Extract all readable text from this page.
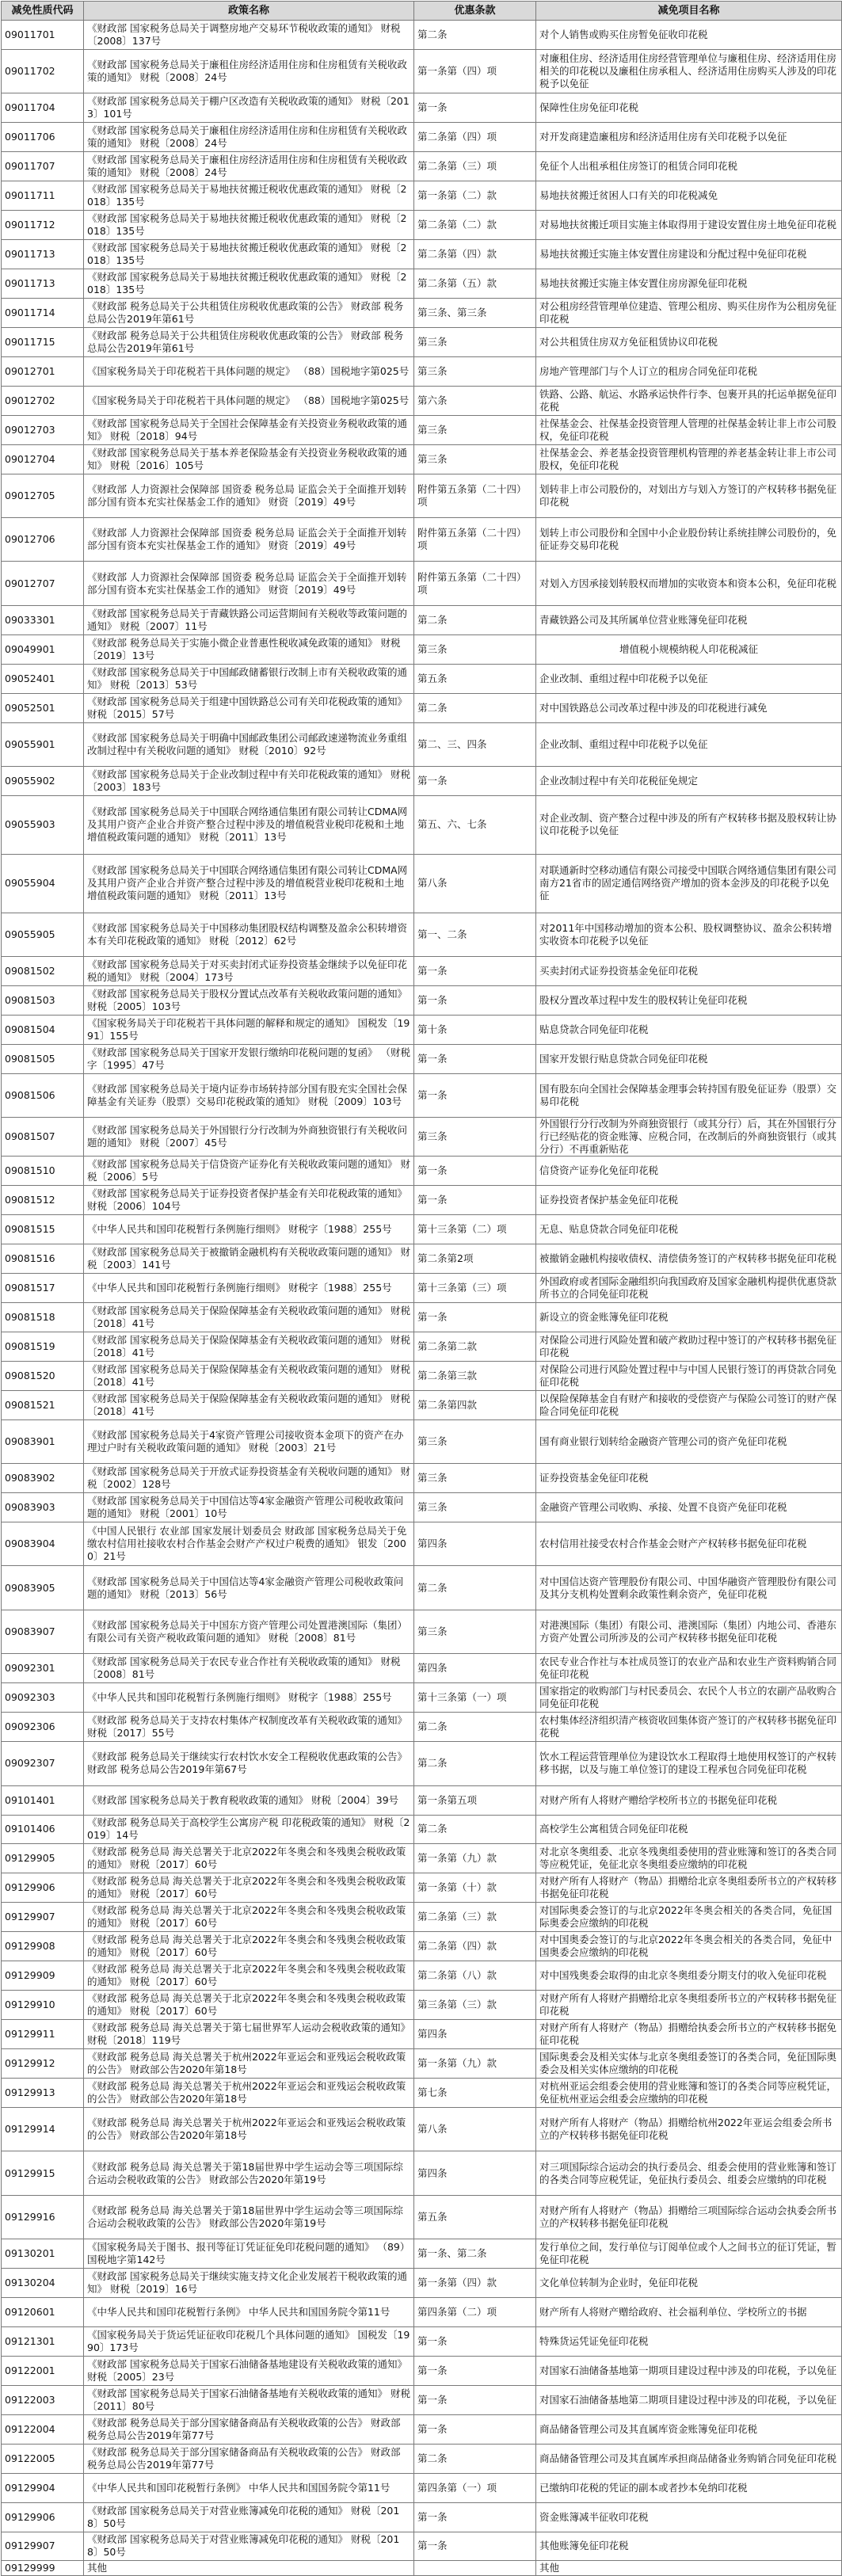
减免性质代码	政策名称	优惠条款	减免项目名称
09011701	《财政部 国家税务总局关于调整房地产交易环节税收政策的通知》 财税〔2008〕137号	第二条	对个人销售或购买住房暂免征收印花税
09011702	《财政部 国家税务总局关于廉租住房经济适用住房和住房租赁有关税收政策的通知》 财税〔2008〕24号	第一条第（四）项	对廉租住房、经济适用住房经营管理单位与廉租住房、经济适用住房相关的印花税以及廉租住房承租人、经济适用住房购买人涉及的印花税予以免征
09011704	《财政部 国家税务总局关于棚户区改造有关税收政策的通知》 财税〔2013〕101号	第一条	保障性住房免征印花税
09011706	《财政部 国家税务总局关于廉租住房经济适用住房和住房租赁有关税收政策的通知》 财税〔2008〕24号	第二条第（四）项	对开发商建造廉租房和经济适用住房有关印花税予以免征
09011707	《财政部 国家税务总局关于廉租住房经济适用住房和住房租赁有关税收政策的通知》 财税〔2008〕24号	第二条第（三）项	免征个人出租承租住房签订的租赁合同印花税
09011711	《财政部 国家税务总局关于易地扶贫搬迁税收优惠政策的通知》 财税〔2018〕135号	第一条第（二）款	易地扶贫搬迁贫困人口有关的印花税减免
09011712	《财政部 国家税务总局关于易地扶贫搬迁税收优惠政策的通知》 财税〔2018〕135号	第二条第（二）款	对易地扶贫搬迁项目实施主体取得用于建设安置住房土地免征印花税
09011713	《财政部 国家税务总局关于易地扶贫搬迁税收优惠政策的通知》 财税〔2018〕135号	第二条第（四）款	易地扶贫搬迁实施主体安置住房建设和分配过程中免征印花税
09011713	《财政部 国家税务总局关于易地扶贫搬迁税收优惠政策的通知》 财税〔2018〕135号	第二条第（五）款	易地扶贫搬迁实施主体安置住房房源免征印花税
09011714	《财政部 税务总局关于公共租赁住房税收优惠政策的公告》 财政部 税务总局公告2019年第61号	第三条、第三条	对公租房经营管理单位建造、管理公租房、购买住房作为公租房免征印花税
09011715	《财政部 税务总局关于公共租赁住房税收优惠政策的公告》 财政部 税务总局公告2019年第61号	第三条	对公共租赁住房双方免征租赁协议印花税
09012701	《国家税务局关于印花税若干具体问题的规定》 （88）国税地字第025号	第三条	房地产管理部门与个人订立的租房合同免征印花税
09012702	《国家税务局关于印花税若干具体问题的规定》 （88）国税地字第025号	第六条	铁路、公路、航运、水路承运快件行李、包裹开具的托运单据免征印花税
09012703	《财政部 国家税务总局关于全国社会保障基金有关投资业务税收政策的通知》 财税〔2018〕94号	第三条	社保基金会、社保基金投资管理人管理的社保基金转让非上市公司股权，免征印花税
09012704	《财政部 国家税务总局关于基本养老保险基金有关投资业务税收政策的通知》 财税〔2016〕105号	第三条	社保基金会、养老基金投资管理机构管理的养老基金转让非上市公司股权，免征印花税
09012705	《财政部 人力资源社会保障部 国资委 税务总局 证监会关于全面推开划转部分国有资本充实社保基金工作的通知》 财资〔2019〕49号	附件第五条第（二十四）项	划转非上市公司股份的，对划出方与划入方签订的产权转移书据免征印花税
09012706	《财政部 人力资源社会保障部 国资委 税务总局 证监会关于全面推开划转部分国有资本充实社保基金工作的通知》 财资〔2019〕49号	附件第五条第（二十四）项	划转上市公司股份和全国中小企业股份转让系统挂牌公司股份的，免征证券交易印花税
09012707	《财政部 人力资源社会保障部 国资委 税务总局 证监会关于全面推开划转部分国有资本充实社保基金工作的通知》 财资〔2019〕49号	附件第五条第（二十四）项	对划入方因承接划转股权而增加的实收资本和资本公积，免征印花税
09033301	《财政部 国家税务总局关于青藏铁路公司运营期间有关税收等政策问题的通知》 财税〔2007〕11号	第二条	青藏铁路公司及其所属单位营业账簿免征印花税
09049901	《财政部 税务总局关于实施小微企业普惠性税收减免政策的通知》 财税〔2019〕13号	第三条	增值税小规模纳税人印花税减征
09052401	《财政部 国家税务总局关于中国邮政储蓄银行改制上市有关税收政策的通知》 财税〔2013〕53号	第五条	企业改制、重组过程中印花税予以免征
09052501	《财政部 国家税务总局关于组建中国铁路总公司有关印花税政策的通知》 财税〔2015〕57号	第二条	对中国铁路总公司改革过程中涉及的印花税进行减免
09055901	《财政部 国家税务总局关于明确中国邮政集团公司邮政速递物流业务重组改制过程中有关税收问题的通知》 财税〔2010〕92号	第二、三、四条	企业改制、重组过程中印花税予以免征
09055902	《财政部 国家税务总局关于企业改制过程中有关印花税政策的通知》 财税〔2003〕183号	第一条	企业改制过程中有关印花税征免规定
09055903	《财政部 国家税务总局关于中国联合网络通信集团有限公司转让CDMA网及其用户资产企业合并资产整合过程中涉及的增值税营业税印花税和土地增值税政策问题的通知》 财税〔2011〕13号	第五、六、七条	对企业改制、资产整合过程中涉及的所有产权转移书据及股权转让协议印花税予以免征
09055904	《财政部 国家税务总局关于中国联合网络通信集团有限公司转让CDMA网及其用户资产企业合并资产整合过程中涉及的增值税营业税印花税和土地增值税政策问题的通知》 财税〔2011〕13号	第八条	对联通新时空移动通信有限公司接受中国联合网络通信集团有限公司南方21省市的固定通信网络资产增加的资本金涉及的印花税予以免征
09055905	《财政部 国家税务总局关于中国移动集团股权结构调整及盈余公积转增资本有关印花税政策的通知》 财税〔2012〕62号	第一、二条	对2011年中国移动增加的资本公积、股权调整协议、盈余公积转增实收资本印花税予以免征
09081502	《财政部 国家税务总局关于对买卖封闭式证券投资基金继续予以免征印花税的通知》 财税〔2004〕173号	第一条	买卖封闭式证券投资基金免征印花税
09081503	《财政部 国家税务总局关于股权分置试点改革有关税收政策问题的通知》 财税〔2005〕103号	第一条	股权分置改革过程中发生的股权转让免征印花税
09081504	《国家税务局关于印花税若干具体问题的解释和规定的通知》 国税发〔1991〕155号	第十条	贴息贷款合同免征印花税
09081505	《财政部 国家税务总局关于国家开发银行缴纳印花税问题的复函》 （财税字〔1995〕47号	第一条	国家开发银行贴息贷款合同免征印花税
09081506	《财政部 国家税务总局关于境内证券市场转持部分国有股充实全国社会保障基金有关证券（股票）交易印花税政策的通知》 财税〔2009〕103号	第一条	国有股东向全国社会保障基金理事会转持国有股免征证券（股票）交易印花税
09081507	《财政部 国家税务总局关于外国银行分行改制为外商独资银行有关税收问题的通知》 财税〔2007〕45号	第三条	外国银行分行改制为外商独资银行（或其分行）后，其在外国银行分行已经贴花的资金账簿、应税合同，在改制后的外商独资银行（或其分行）不再重新贴花
09081510	《财政部 国家税务总局关于信贷资产证券化有关税收政策问题的通知》 财税〔2006〕5号	第一条	信贷资产证券化免征印花税
09081512	《财政部 国家税务总局关于证券投资者保护基金有关印花税政策的通知》 财税〔2006〕104号	第一条	证券投资者保护基金免征印花税
09081515	《中华人民共和国印花税暂行条例施行细则》 财税字〔1988〕255号	第十三条第（二）项	无息、贴息贷款合同免征印花税
09081516	《财政部 国家税务总局关于被撤销金融机构有关税收政策问题的通知》 财税〔2003〕141号	第二条第2项	被撤销金融机构接收债权、清偿债务签订的产权转移书据免征印花税
09081517	《中华人民共和国印花税暂行条例施行细则》 财税字〔1988〕255号	第十三条第（三）项	外国政府或者国际金融组织向我国政府及国家金融机构提供优惠贷款所书立的合同免征印花税
09081518	《财政部 国家税务总局关于保险保障基金有关税收政策问题的通知》 财税〔2018〕41号	第一条	新设立的资金账簿免征印花税
09081519	《财政部 国家税务总局关于保险保障基金有关税收政策问题的通知》 财税〔2018〕41号	第二条第二款	对保险公司进行风险处置和破产救助过程中签订的产权转移书据免征印花税
09081520	《财政部 国家税务总局关于保险保障基金有关税收政策问题的通知》 财税〔2018〕41号	第二条第三款	对保险公司进行风险处置过程中与中国人民银行签订的再贷款合同免征印花税
09081521	《财政部 国家税务总局关于保险保障基金有关税收政策问题的通知》 财税〔2018〕41号	第二条第四款	以保险保障基金自有财产和接收的受偿资产与保险公司签订的财产保险合同免征印花税
09083901	《财政部 国家税务总局关于4家资产管理公司接收资本金项下的资产在办理过户时有关税收政策问题的通知》 财税〔2003〕21号	第三条	国有商业银行划转给金融资产管理公司的资产免征印花税
09083902	《财政部 国家税务总局关于开放式证券投资基金有关税收问题的通知》 财税〔2002〕128号	第三条	证券投资基金免征印花税
09083903	《财政部 国家税务总局关于中国信达等4家金融资产管理公司税收政策问题的通知》 财税〔2001〕10号	第三条	金融资产管理公司收购、承接、处置不良资产免征印花税
09083904	《中国人民银行 农业部 国家发展计划委员会 财政部 国家税务总局关于免缴农村信用社接收农村合作基金会财产产权过户税费的通知》 银发〔2000〕21号	第四条	农村信用社接受农村合作基金会财产产权转移书据免征印花税
09083905	《财政部 国家税务总局关于中国信达等4家金融资产管理公司税收政策问题的通知》 财税〔2013〕56号	第二条	对中国信达资产管理股份有限公司、中国华融资产管理股份有限公司及其分支机构处置剩余政策性剩余资产，免征印花税
09083907	《财政部 国家税务总局关于中国东方资产管理公司处置港澳国际（集团）有限公司有关资产税收政策问题的通知》 财税〔2008〕81号	第三条	对港澳国际（集团）有限公司、港澳国际（集团）内地公司、香港东方资产处置公司所涉及的公司产权转移书据免征印花税
09092301	《财政部 国家税务总局关于农民专业合作社有关税收政策的通知》 财税〔2008〕81号	第四条	农民专业合作社与本社成员签订的农业产品和农业生产资料购销合同免征印花税
09092303	《中华人民共和国印花税暂行条例施行细则》 财税字〔1988〕255号	第十三条第（一）项	国家指定的收购部门与村民委员会、农民个人书立的农副产品收购合同免征印花税
09092306	《财政部 税务总局关于支持农村集体产权制度改革有关税收政策的通知》 财税〔2017〕55号	第二条	农村集体经济组织清产核资收回集体资产签订的产权转移书据免征印花税
09092307	《财政部 税务总局关于继续实行农村饮水安全工程税收优惠政策的公告》 财政部 税务总局公告2019年第67号	第二条	饮水工程运营管理单位为建设饮水工程取得土地使用权签订的产权转移书据，以及与施工单位签订的建设工程承包合同免征印花税
09101401	《财政部 国家税务总局关于教育税收政策的通知》 财税〔2004〕39号	第一条第五项	对财产所有人将财产赠给学校所书立的书据免征印花税
09101406	《财政部 税务总局关于高校学生公寓房产税 印花税政策的通知》 财税〔2019〕14号	第二条	高校学生公寓租赁合同免征印花税
09129905	《财政部 税务总局 海关总署关于北京2022年冬奥会和冬残奥会税收政策的通知》 财税〔2017〕60号	第一条第（九）款	对北京冬奥组委、北京冬残奥组委使用的营业账簿和签订的各类合同等应税凭证，免征北京冬奥组委应缴纳的印花税
09129906	《财政部 税务总局 海关总署关于北京2022年冬奥会和冬残奥会税收政策的通知》 财税〔2017〕60号	第一条第（十）款	对财产所有人将财产（物品）捐赠给北京冬奥组委所书立的产权转移书据免征印花税
09129907	《财政部 税务总局 海关总署关于北京2022年冬奥会和冬残奥会税收政策的通知》 财税〔2017〕60号	第二条第（三）款	对国际奥委会签订的与北京2022年冬奥会相关的各类合同，免征国际奥委会应缴纳的印花税
09129908	《财政部 税务总局 海关总署关于北京2022年冬奥会和冬残奥会税收政策的通知》 财税〔2017〕60号	第二条第（四）款	对中国奥委会签订的与北京2022年冬奥会相关的各类合同，免征中国奥委会应缴纳的印花税
09129909	《财政部 税务总局 海关总署关于北京2022年冬奥会和冬残奥会税收政策的通知》 财税〔2017〕60号	第二条第（八）款	对中国残奥委会取得的由北京冬奥组委分期支付的收入免征印花税
09129910	《财政部 税务总局 海关总署关于北京2022年冬奥会和冬残奥会税收政策的通知》 财税〔2017〕60号	第三条第（三）款	对财产所有人将财产捐赠给北京冬奥组委所书立的产权转移书据免征印花税
09129911	《财政部 税务总局 海关总署关于第七届世界军人运动会税收政策的通知》 财税〔2018〕119号	第四条	对财产所有人将财产（物品）捐赠给执委会所书立的产权转移书据免征印花税
09129912	《财政部 税务总局 海关总署关于杭州2022年亚运会和亚残运会税收政策的公告》 财政部公告2020年第18号	第一条第（九）款	国际奥委会及相关实体与北京冬奥组委签订的各类合同，免征国际奥委会及相关实体应缴纳的印花税
09129913	《财政部 税务总局 海关总署关于杭州2022年亚运会和亚残运会税收政策的公告》 财政部公告2020年第18号	第七条	对杭州亚运会组委会使用的营业账簿和签订的各类合同等应税凭证，免征杭州亚运会组委会应缴纳的印花税
09129914	《财政部 税务总局 海关总署关于杭州2022年亚运会和亚残运会税收政策的公告》 财政部公告2020年第18号	第八条	对财产所有人将财产（物品）捐赠给杭州2022年亚运会组委会所书立的产权转移书据免征印花税
09129915	《财政部 税务总局 海关总署关于第18届世界中学生运动会等三项国际综合运动会税收政策的公告》 财政部公告2020年第19号	第四条	对三项国际综合运动会的执行委员会、组委会使用的营业账簿和签订的各类合同等应税凭证，免征执行委员会、组委会应缴纳的印花税
09129916	《财政部 税务总局 海关总署关于第18届世界中学生运动会等三项国际综合运动会税收政策的公告》 财政部公告2020年第19号	第五条	对财产所有人将财产（物品）捐赠给三项国际综合运动会执委会所书立的产权转移书据免征印花税
09130201	《国家税务局关于图书、报刊等征订凭证征免印花税问题的通知》 （89）国税地字第142号	第一条、第二条	发行单位之间，发行单位与订阅单位或个人之间书立的征订凭证，暂免征印花税
09130204	《财政部 国家税务总局关于继续实施支持文化企业发展若干税收政策的通知》 财税〔2019〕16号	第一条第（四）款	文化单位转制为企业时，免征印花税
09120601	《中华人民共和国印花税暂行条例》 中华人民共和国国务院令第11号	第四条第（二）项	财产所有人将财产赠给政府、社会福利单位、学校所立的书据
09121301	《国家税务局关于货运凭证征收印花税几个具体问题的通知》 国税发〔1990〕173号	第一条	特殊货运凭证免征印花税
09122001	《财政部 国家税务总局关于国家石油储备基地建设有关税收政策的通知》 财税〔2005〕23号	第一条	对国家石油储备基地第一期项目建设过程中涉及的印花税，予以免征
09122003	《财政部 国家税务总局关于国家石油储备基地有关税收政策的通知》 财税〔2011〕80号	第一条	对国家石油储备基地第二期项目建设过程中涉及的印花税，予以免征
09122004	《财政部 税务总局关于部分国家储备商品有关税收政策的公告》 财政部 税务总局公告2019年第77号	第一条	商品储备管理公司及其直属库资金账簿免征印花税
09122005	《财政部 税务总局关于部分国家储备商品有关税收政策的公告》 财政部 税务总局公告2019年第77号	第二条	商品储备管理公司及其直属库承担商品储备业务购销合同免征印花税
09129904	《中华人民共和国印花税暂行条例》 中华人民共和国国务院令第11号	第四条第（一）项	已缴纳印花税的凭证的副本或者抄本免纳印花税
09129906	《财政部 国家税务总局关于对营业账簿减免印花税的通知》 财税〔2018〕50号	第一条	资金账簿减半征收印花税
09129907	《财政部 国家税务总局关于对营业账簿减免印花税的通知》 财税〔2018〕50号	第一条	其他账簿免征印花税
09129999	其他		其他
